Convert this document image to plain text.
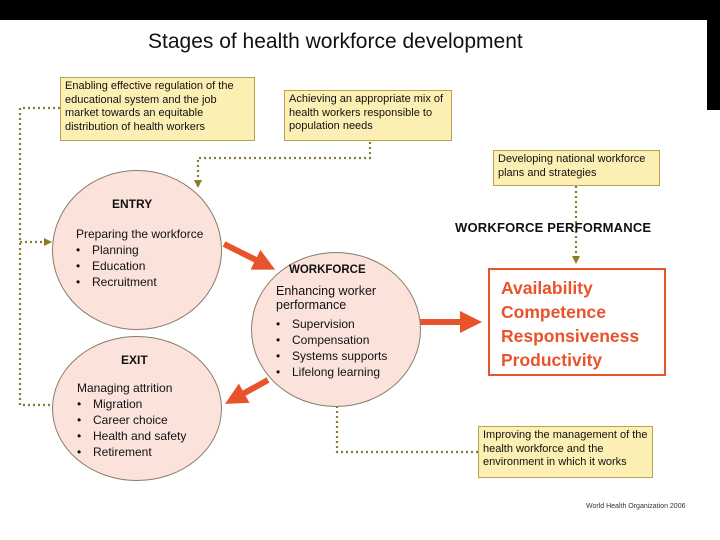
Stages of health workforce development
Enabling effective regulation of the educational system and the job market towards an equitable distribution of health workers
Achieving an appropriate mix of health workers responsible to population needs
Developing national workforce plans and strategies
Improving the management of the health workforce and the environment in which it works
ENTRY
Preparing the workforce
• Planning
• Education
• Recruitment
WORKFORCE
Enhancing worker performance
• Supervision
• Compensation
• Systems supports
• Lifelong learning
EXIT
Managing attrition
• Migration
• Career choice
• Health and safety
• Retirement
WORKFORCE PERFORMANCE
Availability
Competence
Responsiveness
Productivity
World Health Organization 2006
